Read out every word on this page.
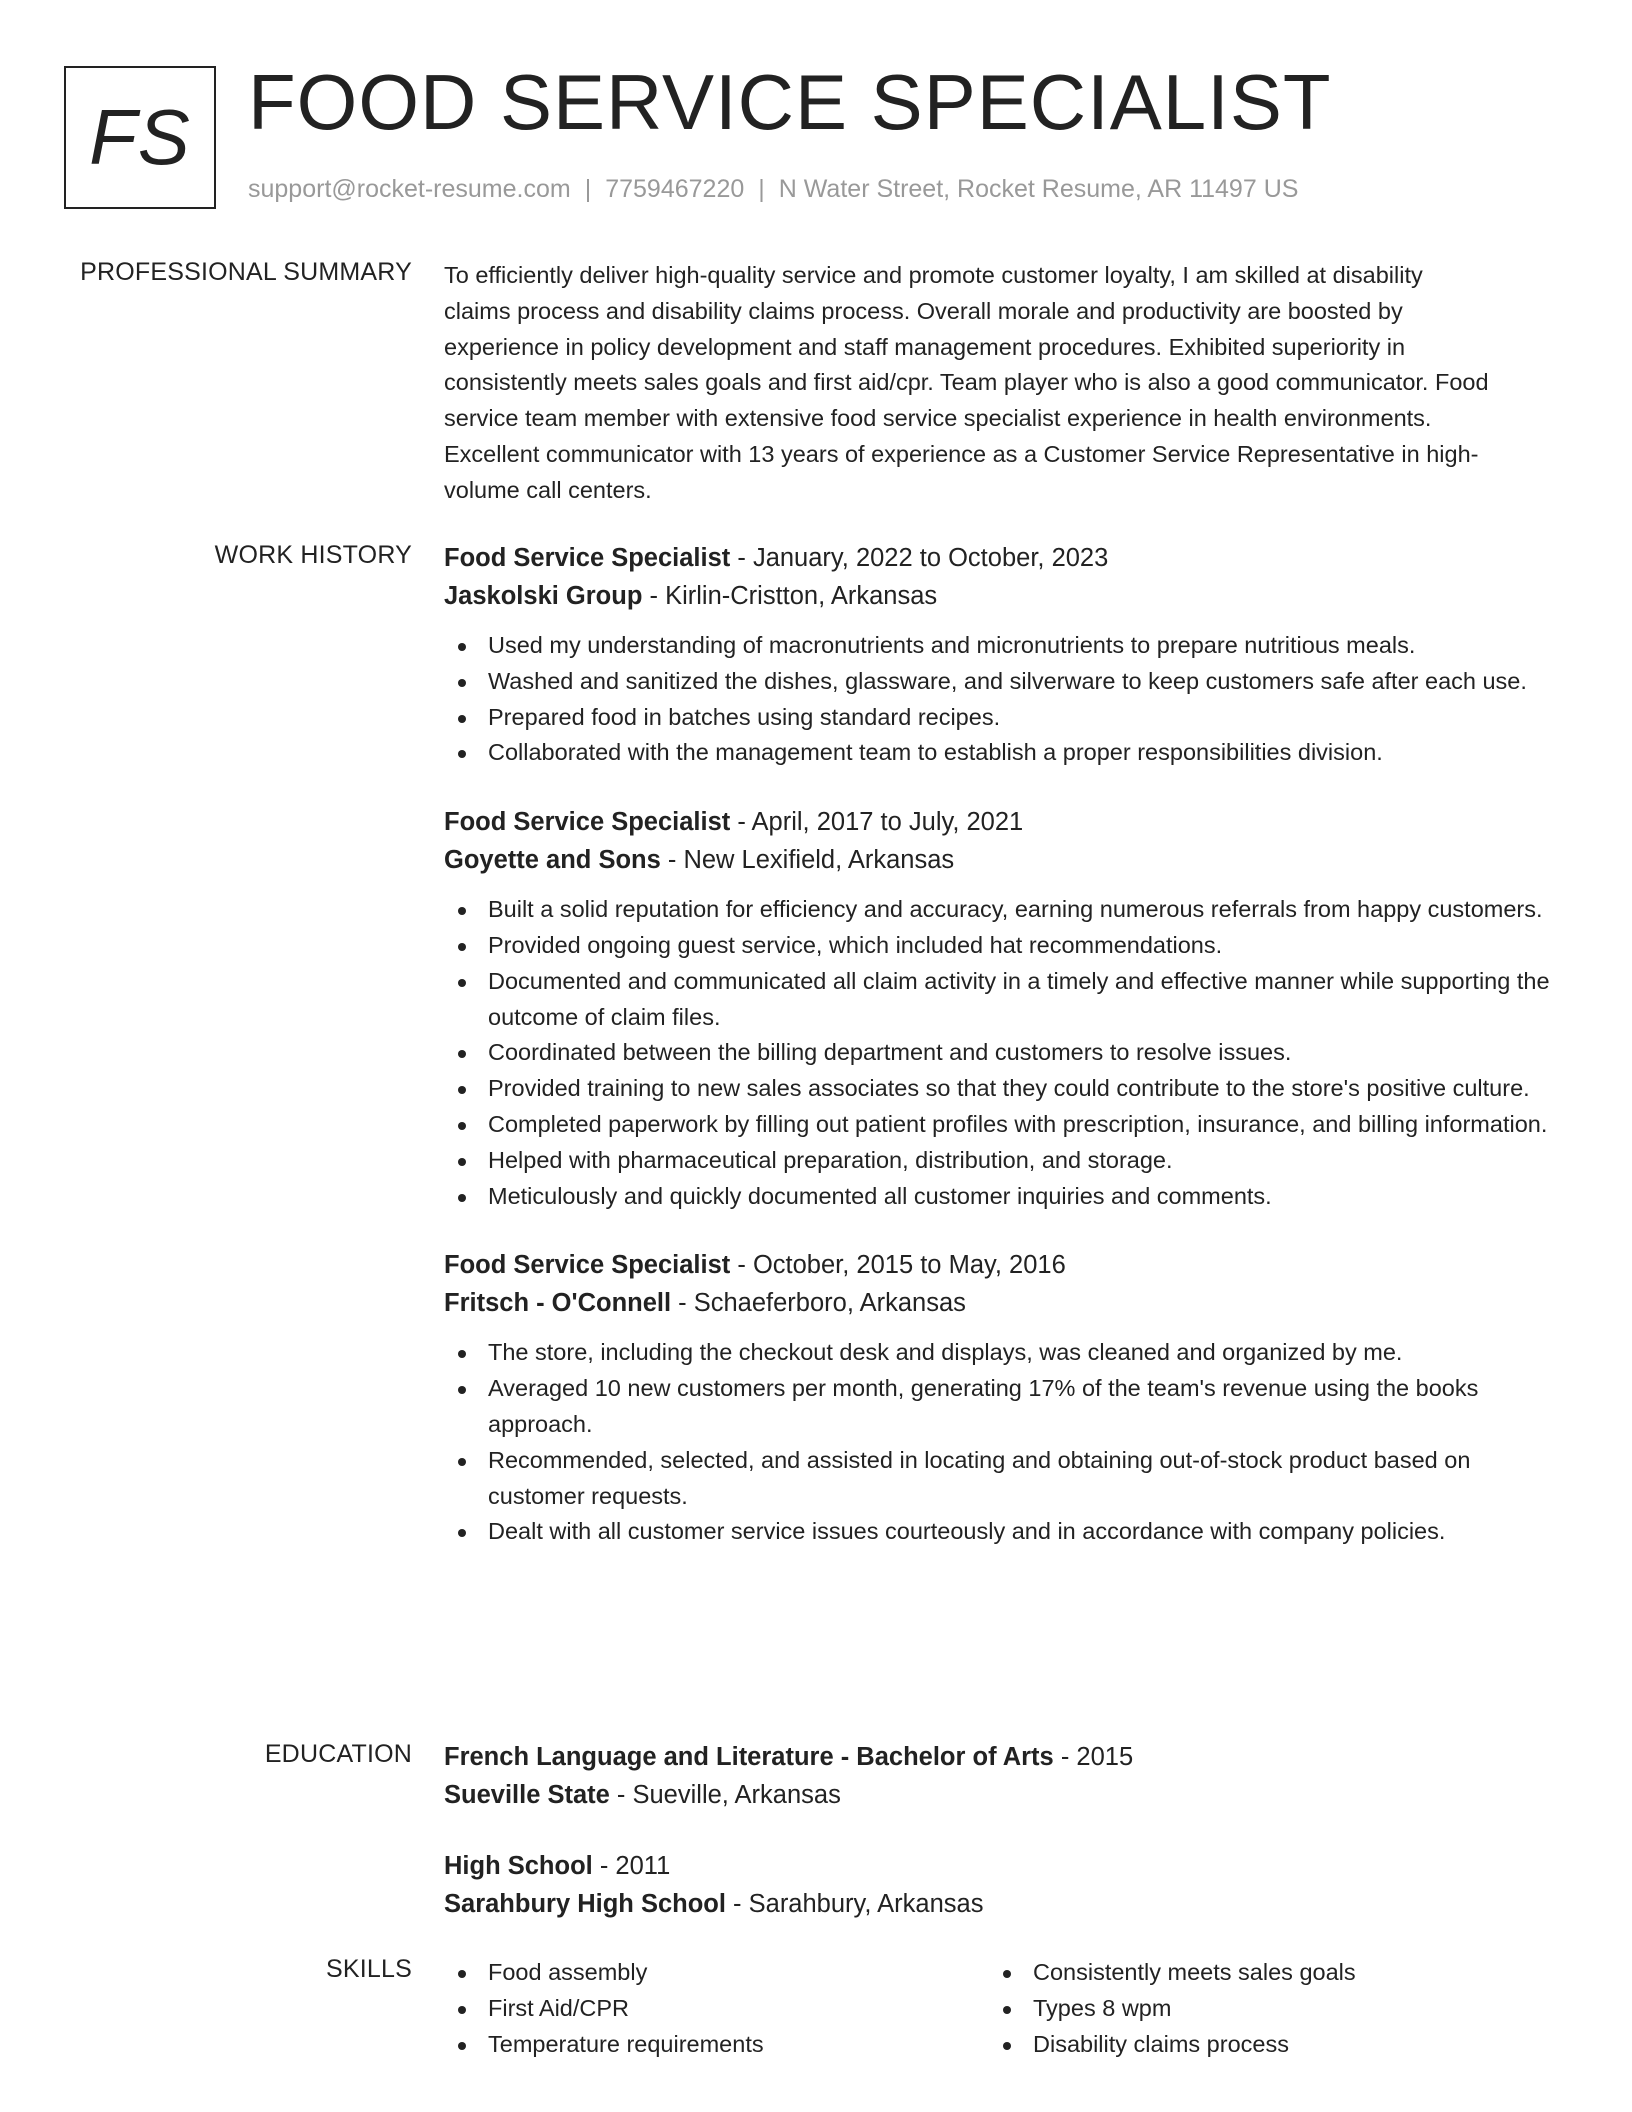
FS FOOD SERVICE SPECIALIST
support@rocket-resume.com | 7759467220 | N Water Street, Rocket Resume, AR 11497 US
PROFESSIONAL SUMMARY To efficiently deliver high-quality service and promote customer loyalty, I am skilled at disability
claims process and disability claims process. Overall morale and productivity are boosted by
experience in policy development and staff management procedures. Exhibited superiority in
consistently meets sales goals and first aid/cpr. Team player who is also a good communicator. Food
service team member with extensive food service specialist experience in health environments.
Excellent communicator with 13 years of experience as a Customer Service Representative in high-
volume call centers.
WORK HISTORY Food Service Specialist - January, 2022 to October, 2023
Jaskolski Group - Kirlin-Cristton, Arkansas
Used my understanding of macronutrients and micronutrients to prepare nutritious meals.
Washed and sanitized the dishes, glassware, and silverware to keep customers safe after each use.
Prepared food in batches using standard recipes.
Collaborated with the management team to establish a proper responsibilities division.
Food Service Specialist - April, 2017 to July, 2021
Goyette and Sons - New Lexifield, Arkansas
Built a solid reputation for efficiency and accuracy, earning numerous referrals from happy customers.
Provided ongoing guest service, which included hat recommendations.
Documented and communicated all claim activity in a timely and effective manner while supporting the outcome of claim files.
Coordinated between the billing department and customers to resolve issues.
Provided training to new sales associates so that they could contribute to the store's positive culture.
Completed paperwork by filling out patient profiles with prescription, insurance, and billing information.
Helped with pharmaceutical preparation, distribution, and storage.
Meticulously and quickly documented all customer inquiries and comments.
Food Service Specialist - October, 2015 to May, 2016
Fritsch - O'Connell - Schaeferboro, Arkansas
The store, including the checkout desk and displays, was cleaned and organized by me.
Averaged 10 new customers per month, generating 17% of the team's revenue using the books approach.
Recommended, selected, and assisted in locating and obtaining out-of-stock product based on customer requests.
Dealt with all customer service issues courteously and in accordance with company policies.
EDUCATION French Language and Literature - Bachelor of Arts - 2015
Sueville State - Sueville, Arkansas
High School - 2011
Sarahbury High School - Sarahbury, Arkansas
SKILLS	Food assembly
First Aid/CPR
Temperature requirements
Consistently meets sales goals
Types 8 wpm
Disability claims process
